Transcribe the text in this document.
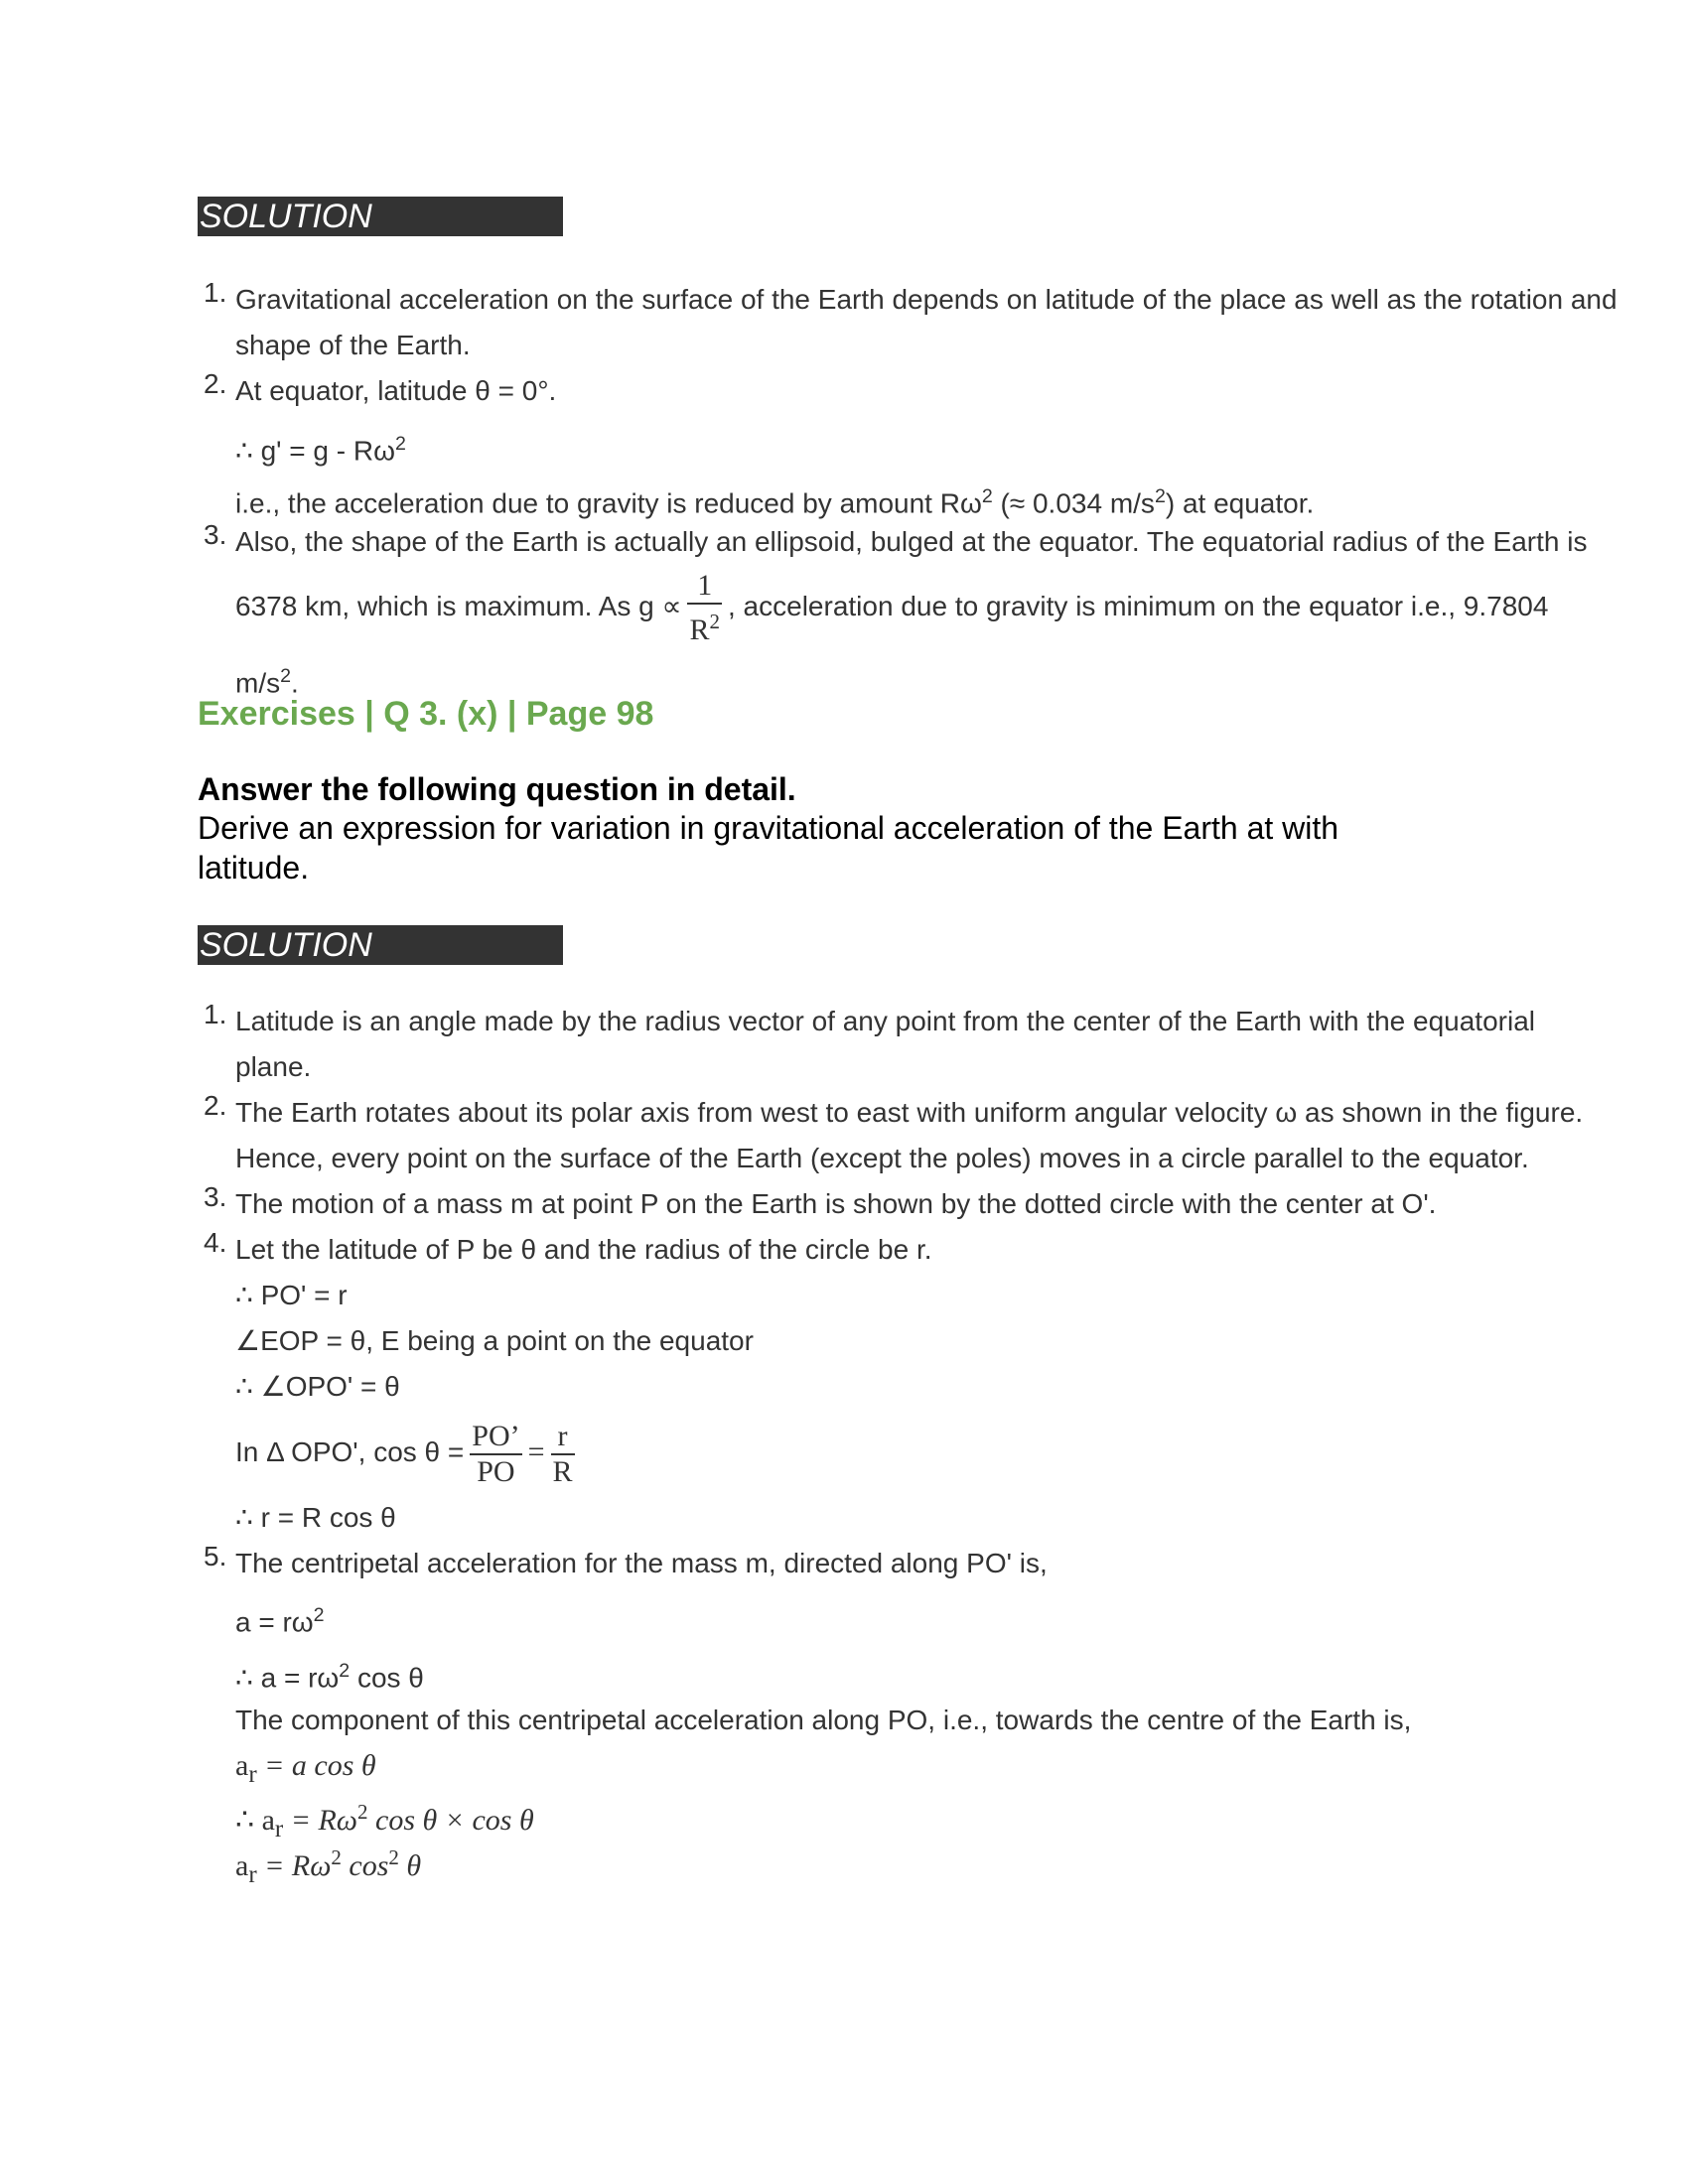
SOLUTION
1. Gravitational acceleration on the surface of the Earth depends on latitude of the place as well as the rotation and
shape of the Earth.
2. At equator, latitude θ = 0°.
∴ $g' = g - R\omega^2$
i.e., the acceleration due to gravity is reduced by amount $R\omega^2$ (≈ 0.034 $m/s^2$) at equator.
3. Also, the shape of the Earth is actually an ellipsoid, bulged at the equator. The equatorial radius of the Earth is
6378 km, which is maximum. As $g \propto \frac{1}{R^2}$ , acceleration due to gravity is minimum on the equator i.e., 9.7804
$m/s^2$.
Exercises | Q 3. (x) | Page 98
Answer the following question in detail.
Derive an expression for variation in gravitational acceleration of the Earth at with latitude.
SOLUTION
1. Latitude is an angle made by the radius vector of any point from the center of the Earth with the equatorial
plane.
2. The Earth rotates about its polar axis from west to east with uniform angular velocity ω as shown in the figure.
Hence, every point on the surface of the Earth (except the poles) moves in a circle parallel to the equator.
3. The motion of a mass m at point P on the Earth is shown by the dotted circle with the center at O'.
4. Let the latitude of P be θ and the radius of the circle be r.
∴ PO' = r
∠EOP = θ, E being a point on the equator
∴ ∠OPO' = θ
In Δ OPO', $\cos \theta = \frac{PO’}{PO} = \frac{r}{R}$
∴ r = R cos θ
5. The centripetal acceleration for the mass m, directed along PO' is,
$a = r\omega^2$
∴ $a = r\omega^2$ cos θ
The component of this centripetal acceleration along PO, i.e., towards the centre of the Earth is,
$a_r = a$ cos θ
∴ $a_r = R\omega^2$ cos θ × cos θ
$a_r = R\omega^2$ $\cos^2 \theta$
